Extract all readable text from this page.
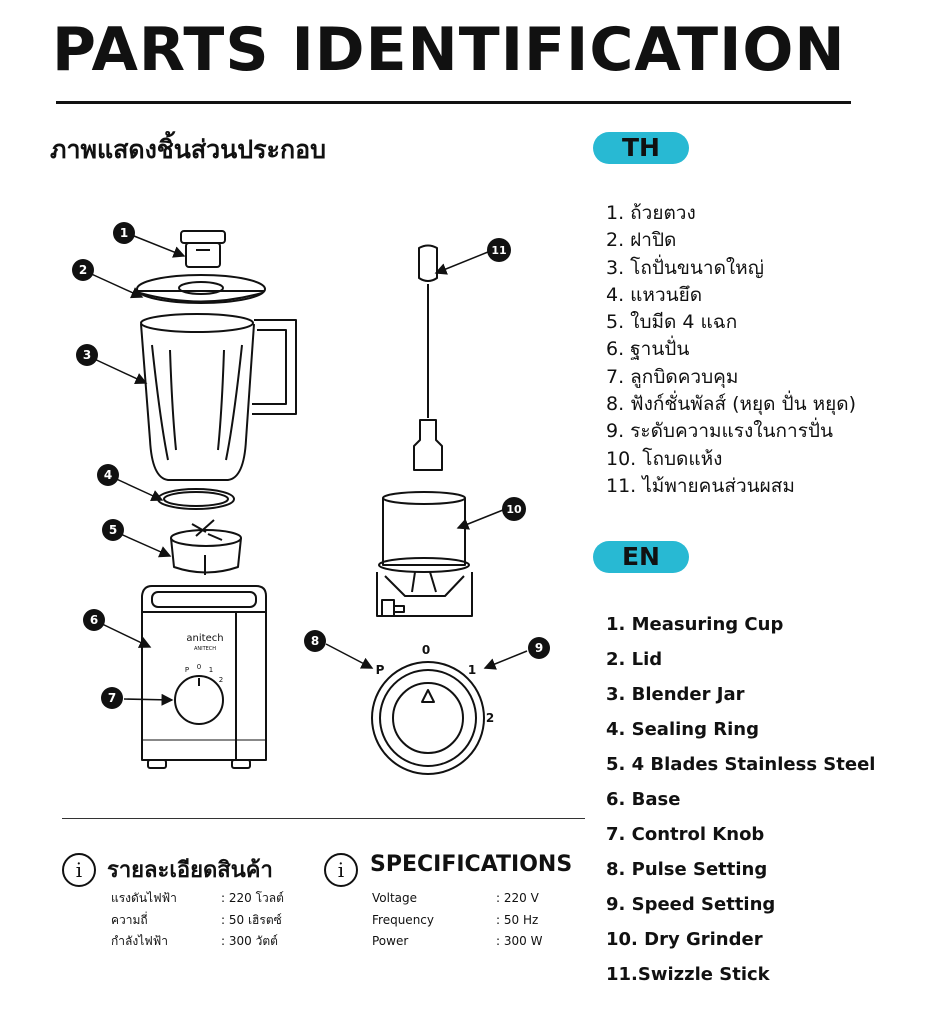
PARTS IDENTIFICATION
ภาพแสดงชิ้นส่วนประกอบ
1
2
3
4
5
6
7
8	9
10
11
anitech
ANITECH
P 0 1
2
P
0
1
2
TH
1. ถ้วยตวง
2. ฝาปิด
3. โถปั่นขนาดใหญ่
4. แหวนยึด
5. ใบมีด 4 แฉก
6. ฐานปั่น
7. ลูกบิดควบคุม
8. ฟังก์ชั่นพัลส์ (หยุด ปั่น หยุด)
9. ระดับความแรงในการปั่น
10. โถบดแห้ง
11. ไม้พายคนส่วนผสม
EN
1. Measuring Cup
2. Lid
3. Blender Jar
4. Sealing Ring
5. 4 Blades Stainless Steel
6. Base
7. Control Knob
8. Pulse Setting
9. Speed Setting
10. Dry Grinder
11.Swizzle Stick
i	รายละเอียดสินค้า
แรงดันไฟฟ้า	: 220 โวลต์
ความถี่	: 50 เฮิรตซ์
กำลังไฟฟ้า	: 300 วัตต์
i	SPECIFICATIONS
Voltage	: 220 V
Frequency	: 50 Hz
Power	: 300 W
